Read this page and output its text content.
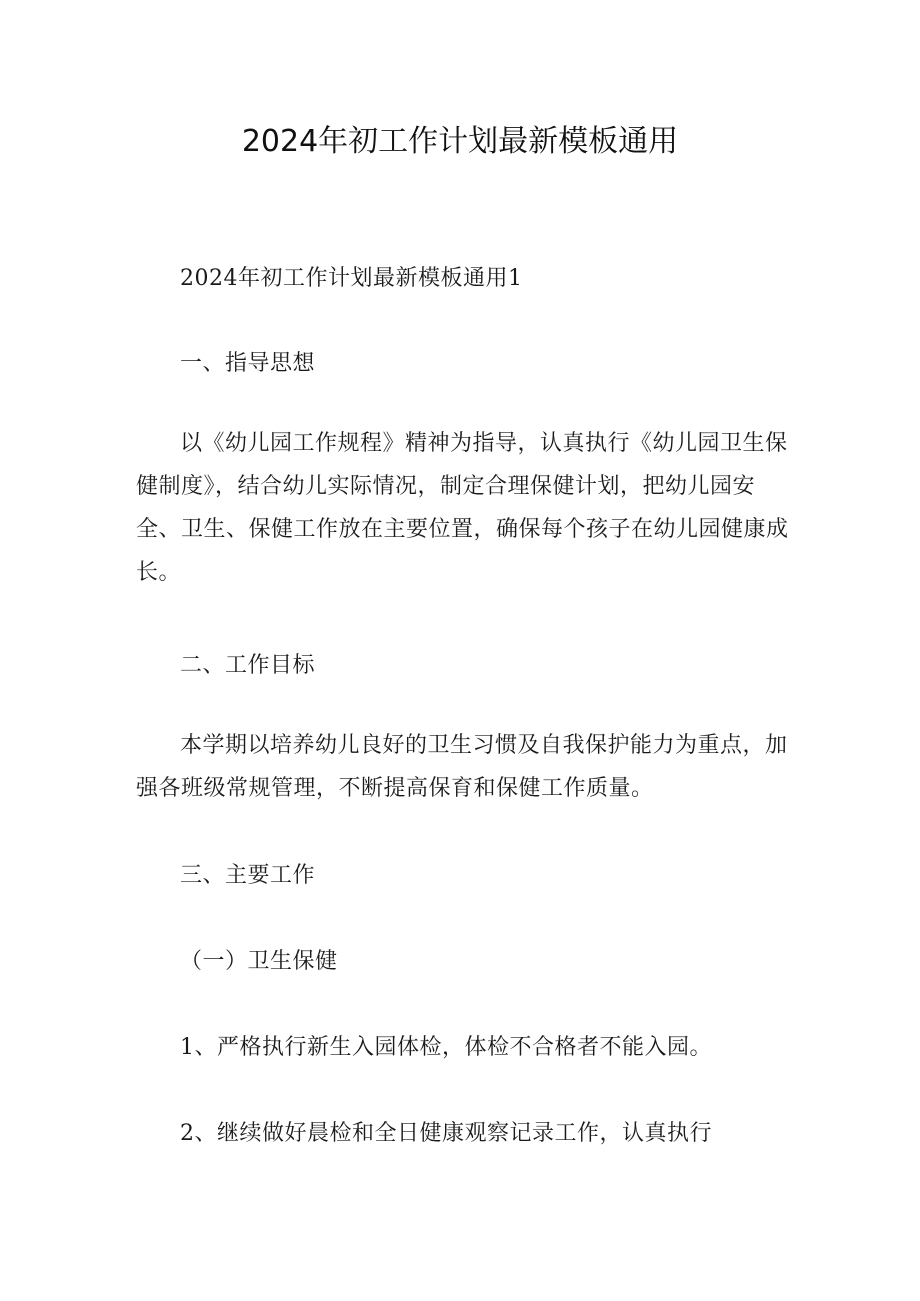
2024年初工作计划最新模板通用

2024年初工作计划最新模板通用1

一、指导思想

以《幼儿园工作规程》精神为指导，认真执行《幼儿园卫生保健制度》，结合幼儿实际情况，制定合理保健计划，把幼儿园安全、卫生、保健工作放在主要位置，确保每个孩子在幼儿园健康成长。

二、工作目标

本学期以培养幼儿良好的卫生习惯及自我保护能力为重点，加强各班级常规管理，不断提高保育和保健工作质量。

三、主要工作

（一）卫生保健

1、严格执行新生入园体检，体检不合格者不能入园。

2、继续做好晨检和全日健康观察记录工作，认真执行
